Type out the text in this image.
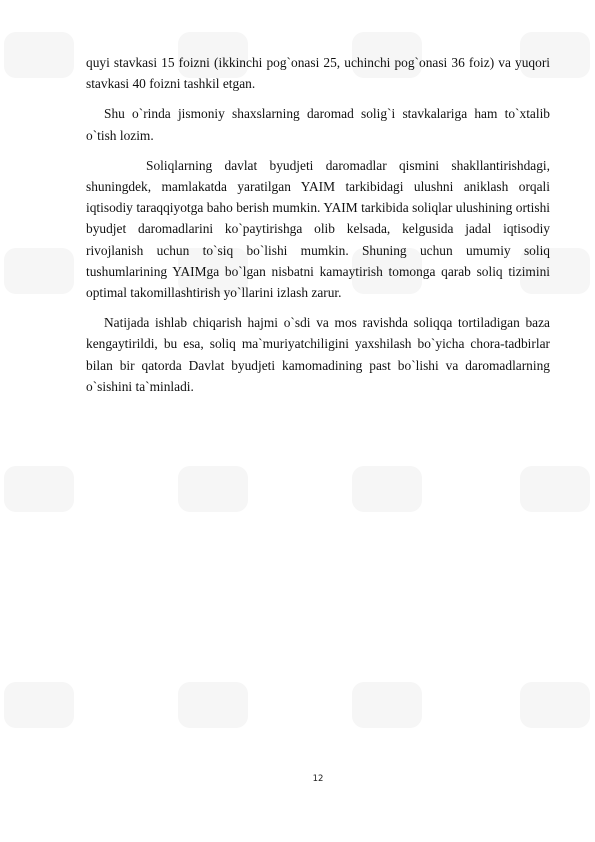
quyi stavkasi 15 foizni (ikkinchi pog`onasi 25, uchinchi pog`onasi 36 foiz) va yuqori stavkasi 40 foizni tashkil etgan.

Shu o`rinda jismoniy shaxslarning daromad solig`i stavkalariga ham to`xtalib o`tish lozim.

Soliqlarning davlat byudjeti daromadlar qismini shakllantirishdagi, shuningdek, mamlakatda yaratilgan YAIM tarkibidagi ulushni aniklash orqali iqtisodiy taraqqiyotga baho berish mumkin. YAIM tarkibida soliqlar ulushining ortishi byudjet daromadlarini ko`paytirishga olib kelsada, kelgusida jadal iqtisodiy rivojlanish uchun to`siq bo`lishi mumkin. Shuning uchun umumiy soliq tushumlarining YAIMga bo`lgan nisbatni kamaytirish tomonga qarab soliq tizimini optimal takomillashtirish yo`llarini izlash zarur.

Natijada ishlab chiqarish hajmi o`sdi va mos ravishda soliqqa tortiladigan baza kengaytirildi, bu esa, soliq ma`muriyatchiligini yaxshilash bo`yicha chora-tadbirlar bilan bir qatorda Davlat byudjeti kamomadining past bo`lishi va daromadlarning o`sishini ta`minladi.

12
